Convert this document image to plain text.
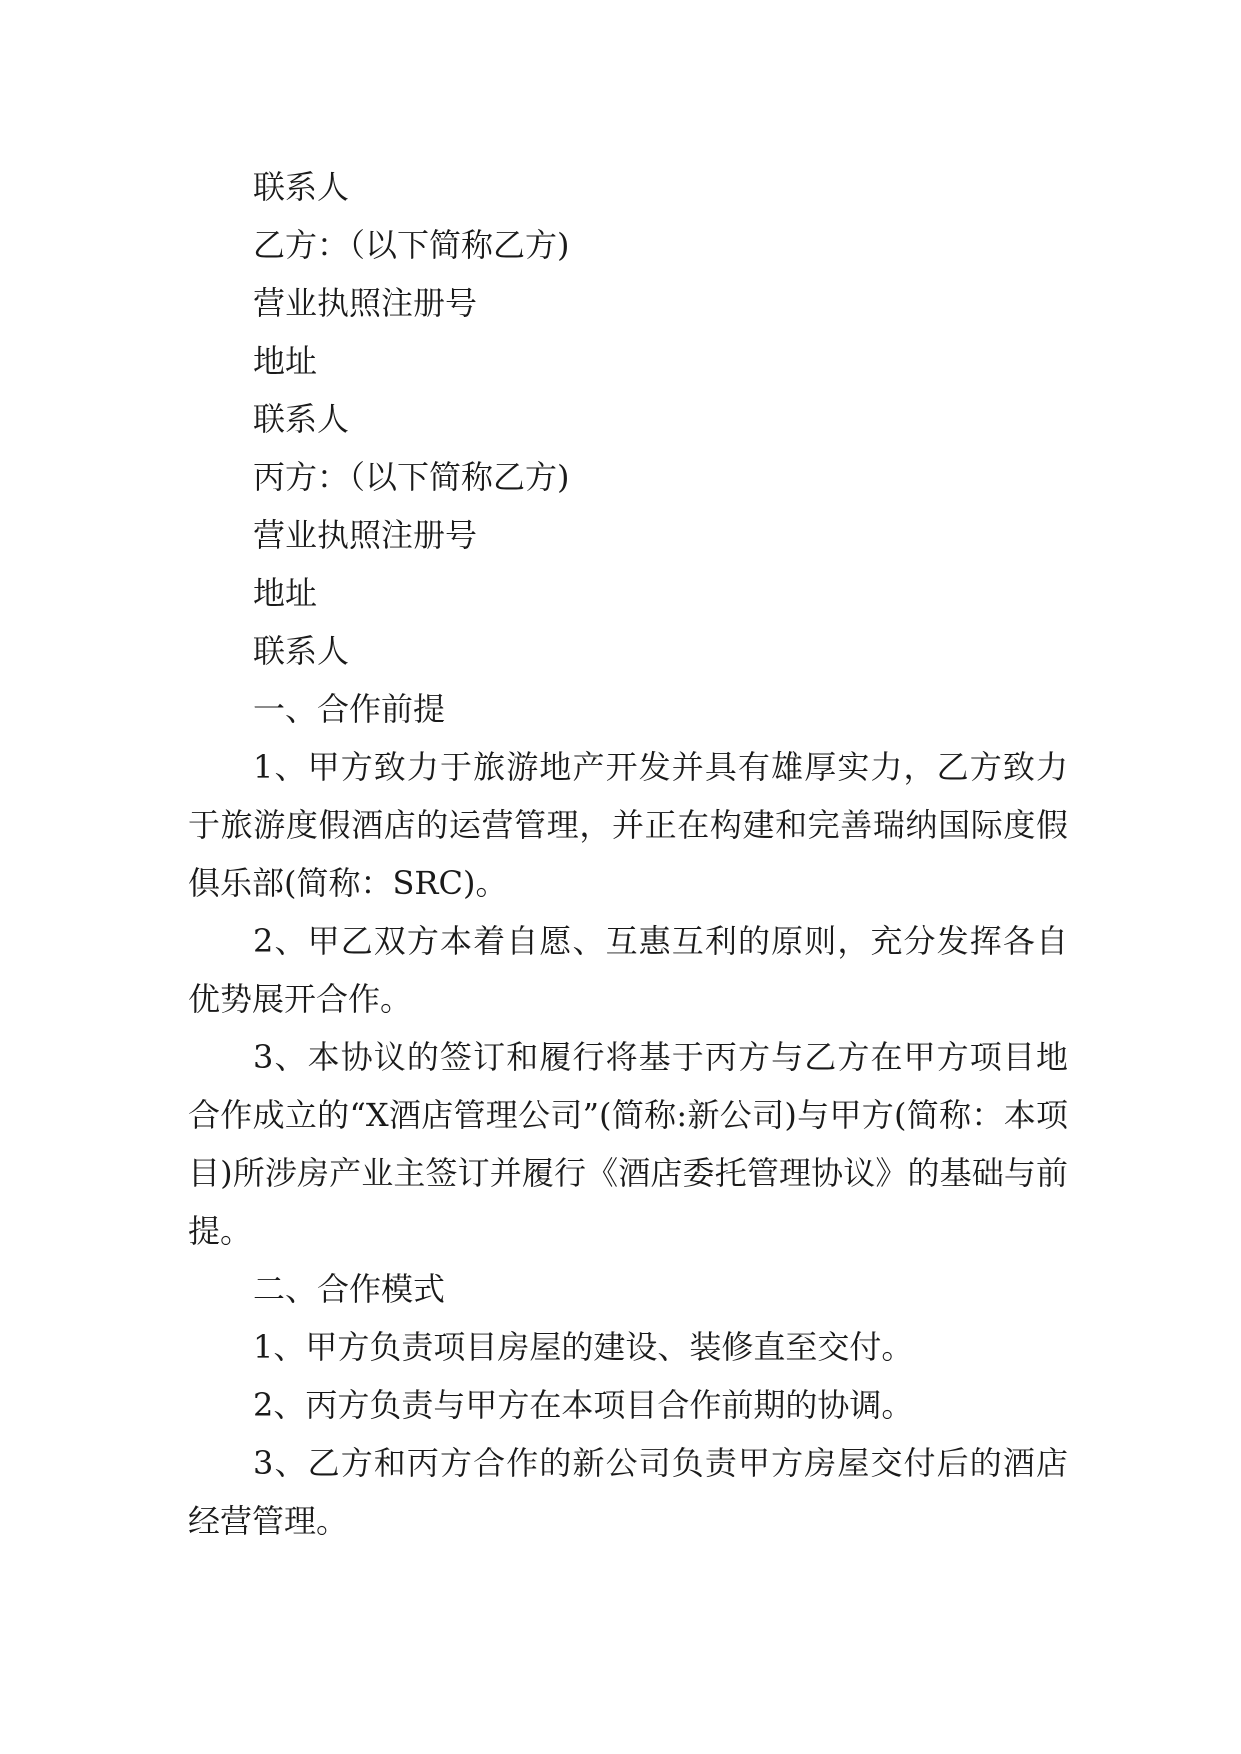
联系人

乙方：（以下简称乙方)

营业执照注册号

地址

联系人

丙方：（以下简称乙方)

营业执照注册号

地址

联系人

一、合作前提

1、甲方致力于旅游地产开发并具有雄厚实力，乙方致力于旅游度假酒店的运营管理，并正在构建和完善瑞纳国际度假俱乐部(简称：SRC)。

2、甲乙双方本着自愿、互惠互利的原则，充分发挥各自优势展开合作。

3、本协议的签订和履行将基于丙方与乙方在甲方项目地合作成立的“X酒店管理公司”(简称:新公司)与甲方(简称：本项目)所涉房产业主签订并履行《酒店委托管理协议》的基础与前提。

二、合作模式

1、甲方负责项目房屋的建设、装修直至交付。

2、丙方负责与甲方在本项目合作前期的协调。

3、乙方和丙方合作的新公司负责甲方房屋交付后的酒店经营管理。
